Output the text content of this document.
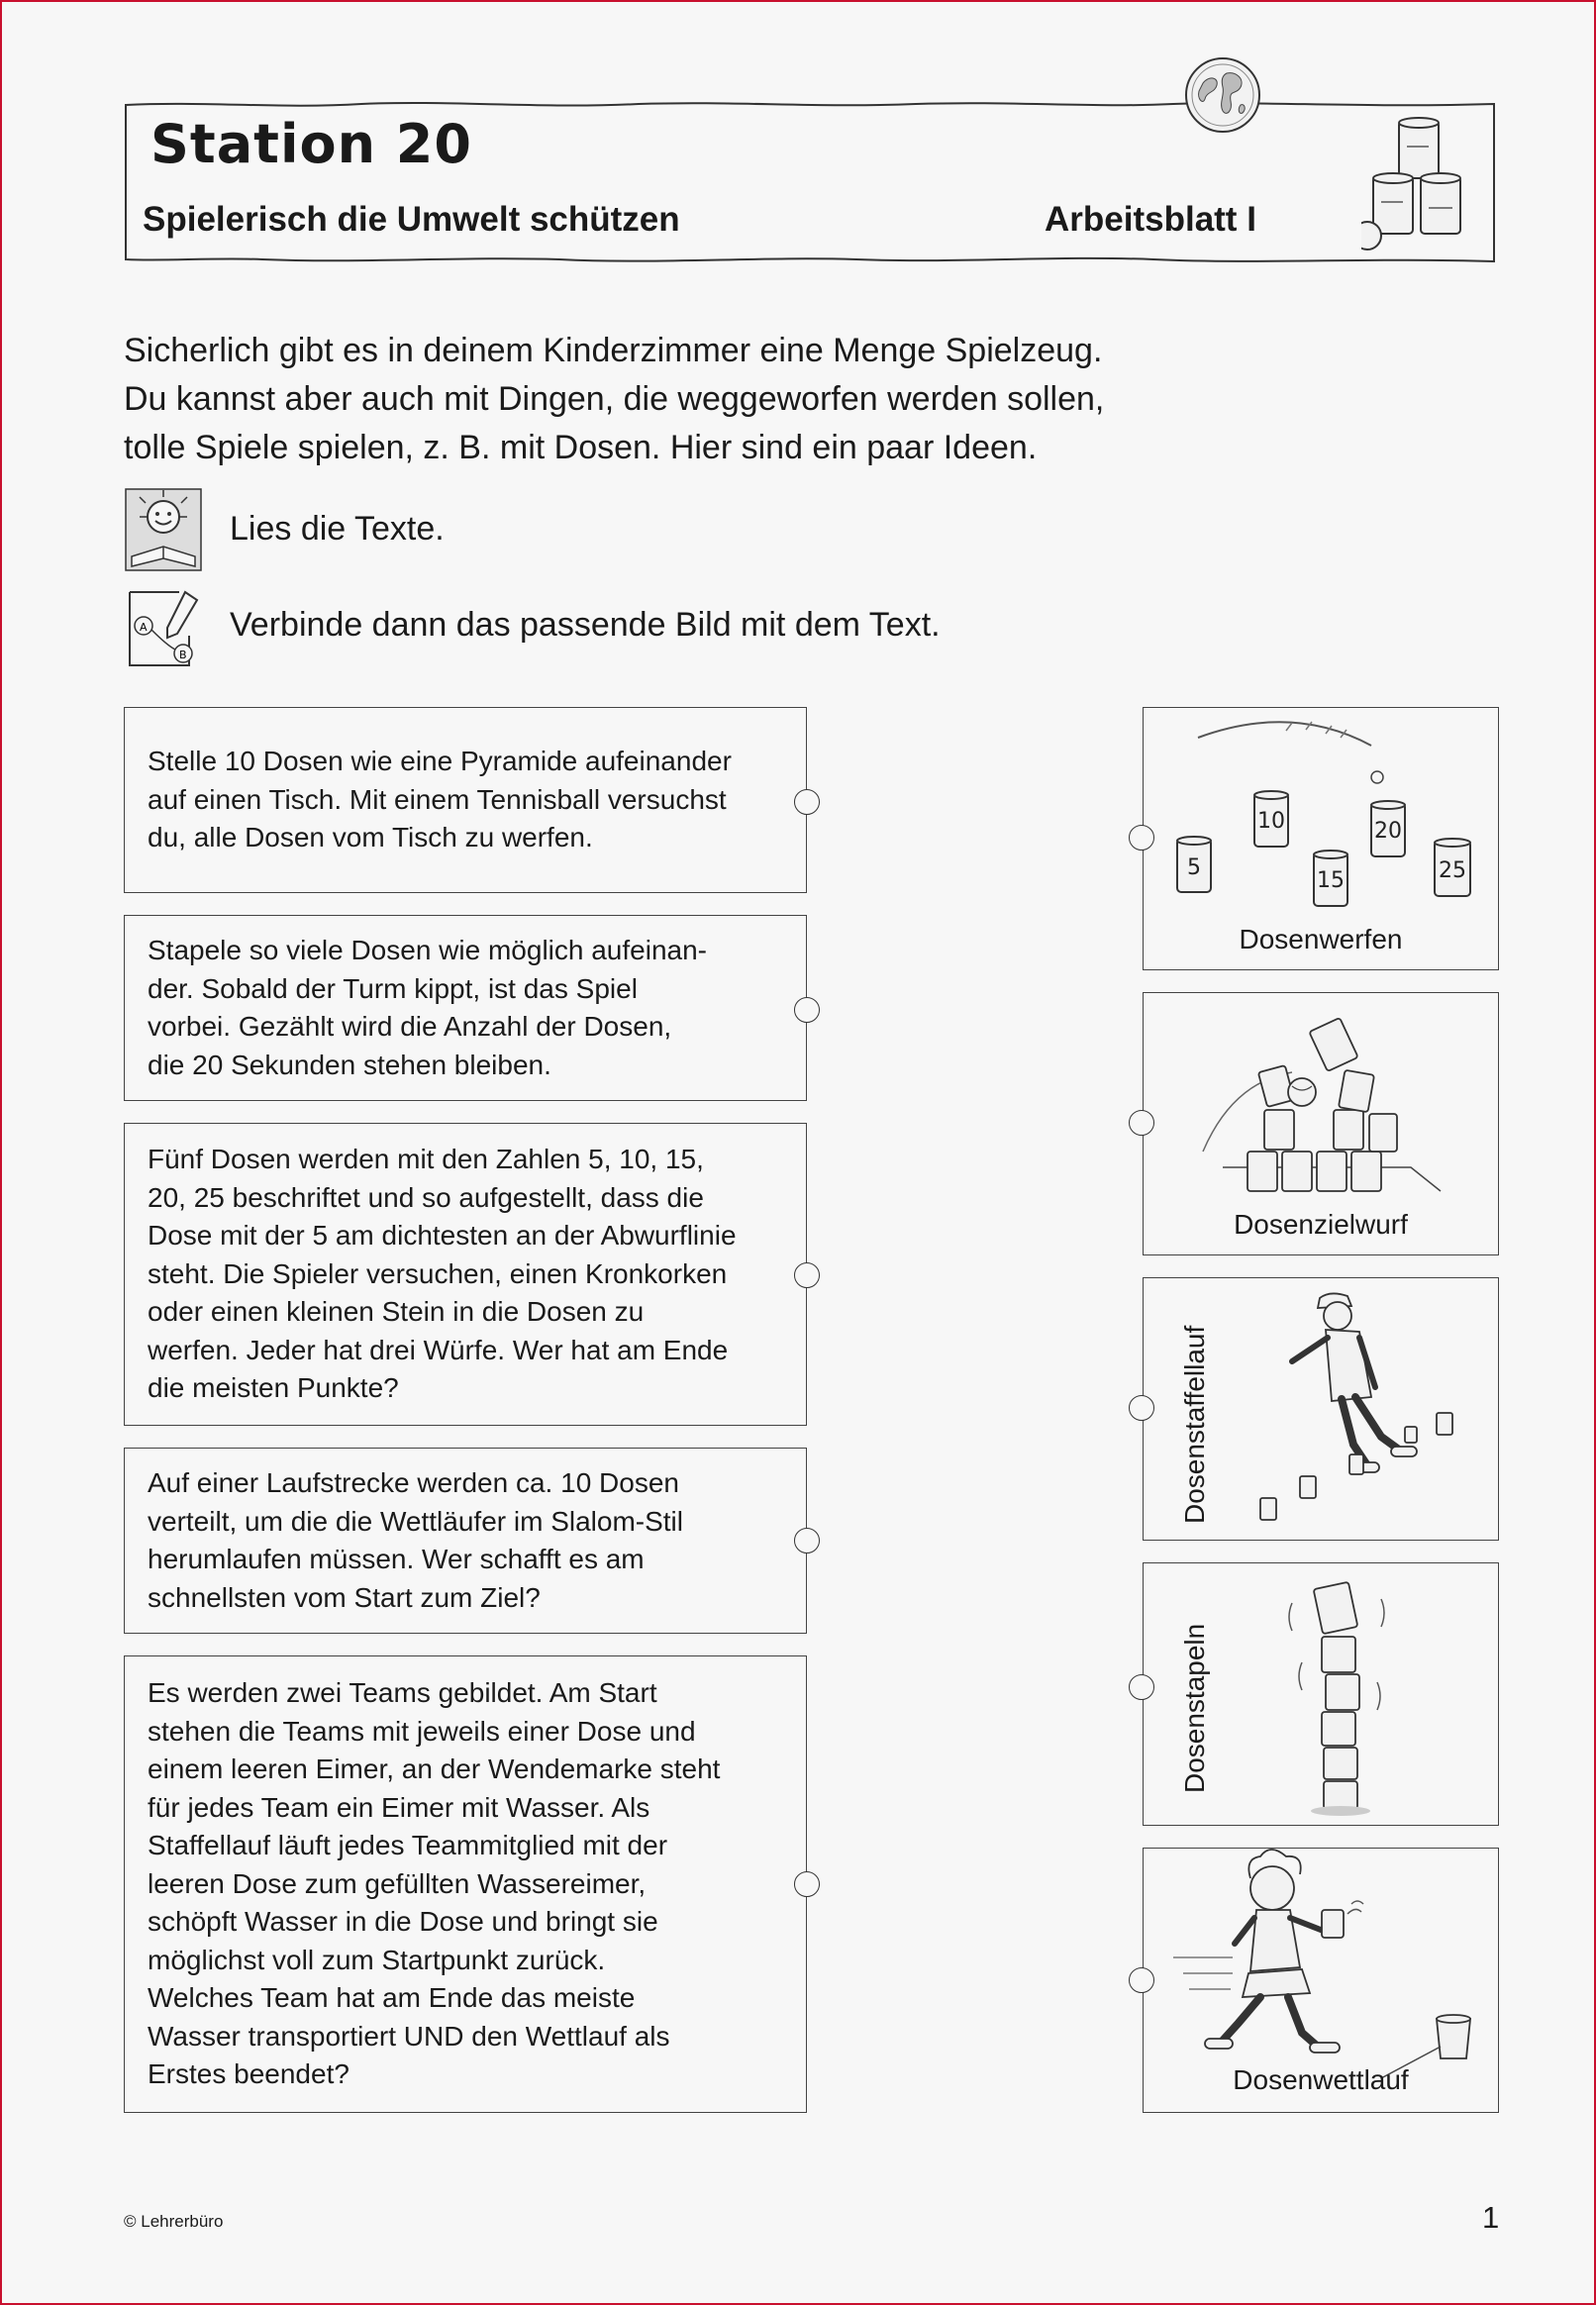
Station 20
Spielerisch die Umwelt schützen	Arbeitsblatt I
Sicherlich gibt es in deinem Kinderzimmer eine Menge Spielzeug.
Du kannst aber auch mit Dingen, die weggeworfen werden sollen,
tolle Spiele spielen, z. B. mit Dosen. Hier sind ein paar Ideen.
Lies die Texte.
A
B
Verbinde dann das passende Bild mit dem Text.
Stelle 10 Dosen wie eine Pyramide aufeinander
auf einen Tisch. Mit einem Tennisball versuchst
du, alle Dosen vom Tisch zu werfen.
Stapele so viele Dosen wie möglich aufeinan-
der. Sobald der Turm kippt, ist das Spiel
vorbei. Gezählt wird die Anzahl der Dosen,
die 20 Sekunden stehen bleiben.
Fünf Dosen werden mit den Zahlen 5, 10, 15,
20, 25 beschriftet und so aufgestellt, dass die
Dose mit der 5 am dichtesten an der Abwurflinie
steht. Die Spieler versuchen, einen Kronkorken
oder einen kleinen Stein in die Dosen zu
werfen. Jeder hat drei Würfe. Wer hat am Ende
die meisten Punkte?
Auf einer Laufstrecke werden ca. 10 Dosen
verteilt, um die die Wettläufer im Slalom-Stil
herumlaufen müssen. Wer schafft es am
schnellsten vom Start zum Ziel?
Es werden zwei Teams gebildet. Am Start
stehen die Teams mit jeweils einer Dose und
einem leeren Eimer, an der Wendemarke steht
für jedes Team ein Eimer mit Wasser. Als
Staffellauf läuft jedes Teammitglied mit der
leeren Dose zum gefüllten Wassereimer,
schöpft Wasser in die Dose und bringt sie
möglichst voll zum Startpunkt zurück.
Welches Team hat am Ende das meiste
Wasser transportiert UND den Wettlauf als
Erstes beendet?
5
10
15
20
25
Dosenwerfen
Dosenzielwurf
Dosenstaffellauf
Dosenstapeln
Dosenwettlauf
© Lehrerbüro	1
